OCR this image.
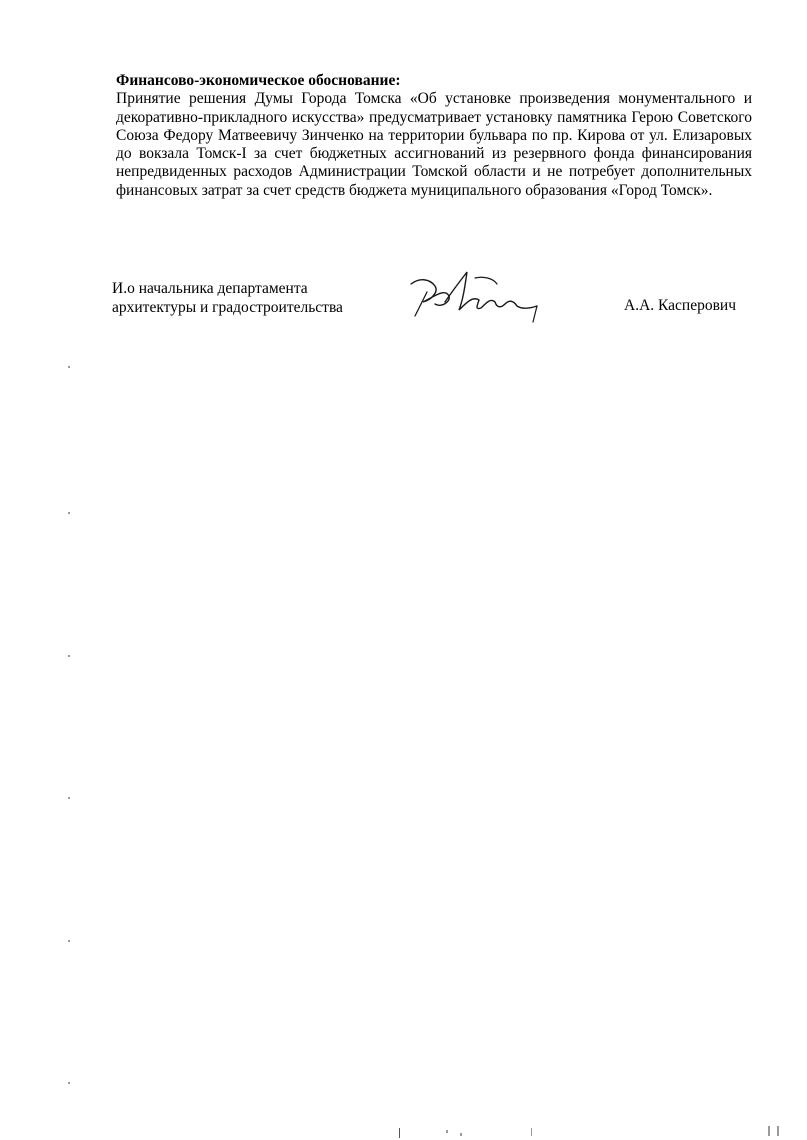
Финансово-экономическое обоснование:

Принятие решения Думы Города Томска «Об установке произведения монументального и декоративно-прикладного искусства» предусматривает установку памятника Герою Советского Союза Федору Матвеевичу Зинченко на территории бульвара по пр. Кирова от ул. Елизаровых до вокзала Томск-I за счет бюджетных ассигнований из резервного фонда финансирования непредвиденных расходов Администрации Томской области и не потребует дополнительных финансовых затрат за счет средств бюджета муниципального образования «Город Томск».

И.о начальника департамента
архитектуры и градостроительства	А.А. Касперович
